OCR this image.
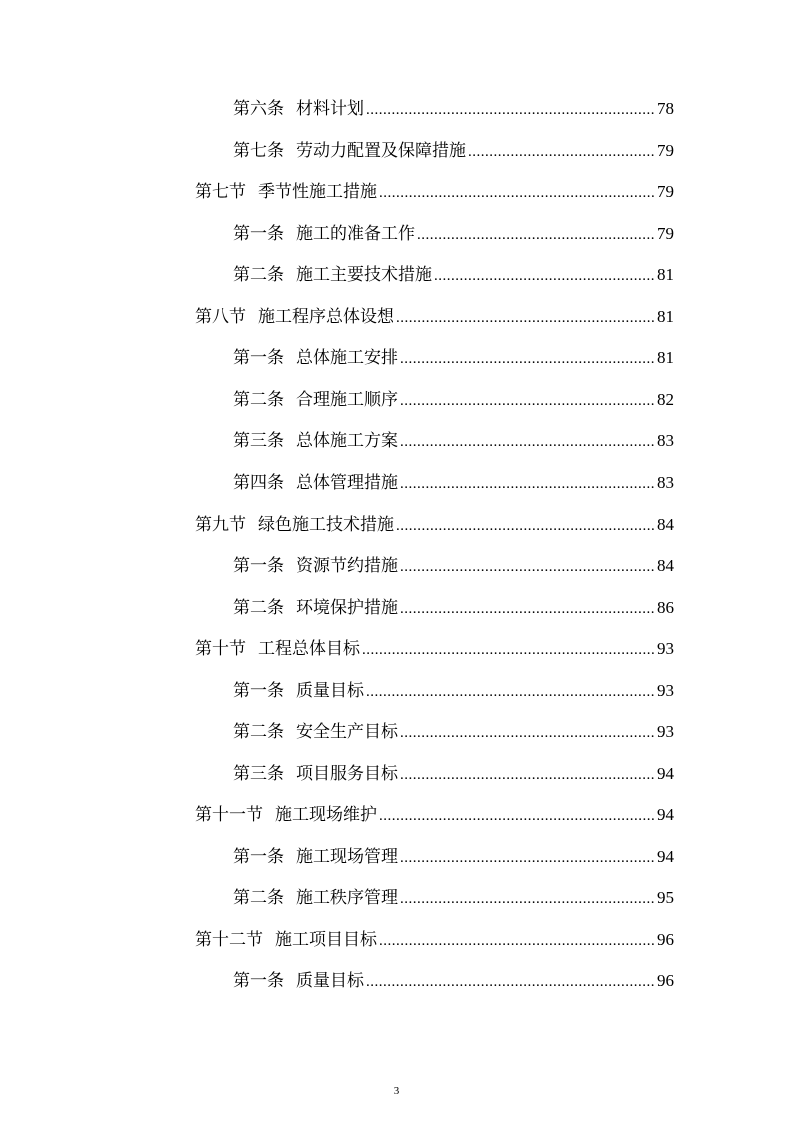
第六条 材料计划 .....	78
第七条 劳动力配置及保障措施 .....	79
第七节 季节性施工措施 .....	79
第一条 施工的准备工作 .....	79
第二条 施工主要技术措施 .....	81
第八节 施工程序总体设想 .....	81
第一条 总体施工安排 .....	81
第二条 合理施工顺序 .....	82
第三条 总体施工方案 .....	83
第四条 总体管理措施 .....	83
第九节 绿色施工技术措施 .....	84
第一条 资源节约措施 .....	84
第二条 环境保护措施 .....	86
第十节 工程总体目标 .....	93
第一条 质量目标 .....	93
第二条 安全生产目标 .....	93
第三条 项目服务目标 .....	94
第十一节 施工现场维护 .....	94
第一条 施工现场管理 .....	94
第二条 施工秩序管理 .....	95
第十二节 施工项目目标 .....	96
第一条 质量目标 .....	96
3
